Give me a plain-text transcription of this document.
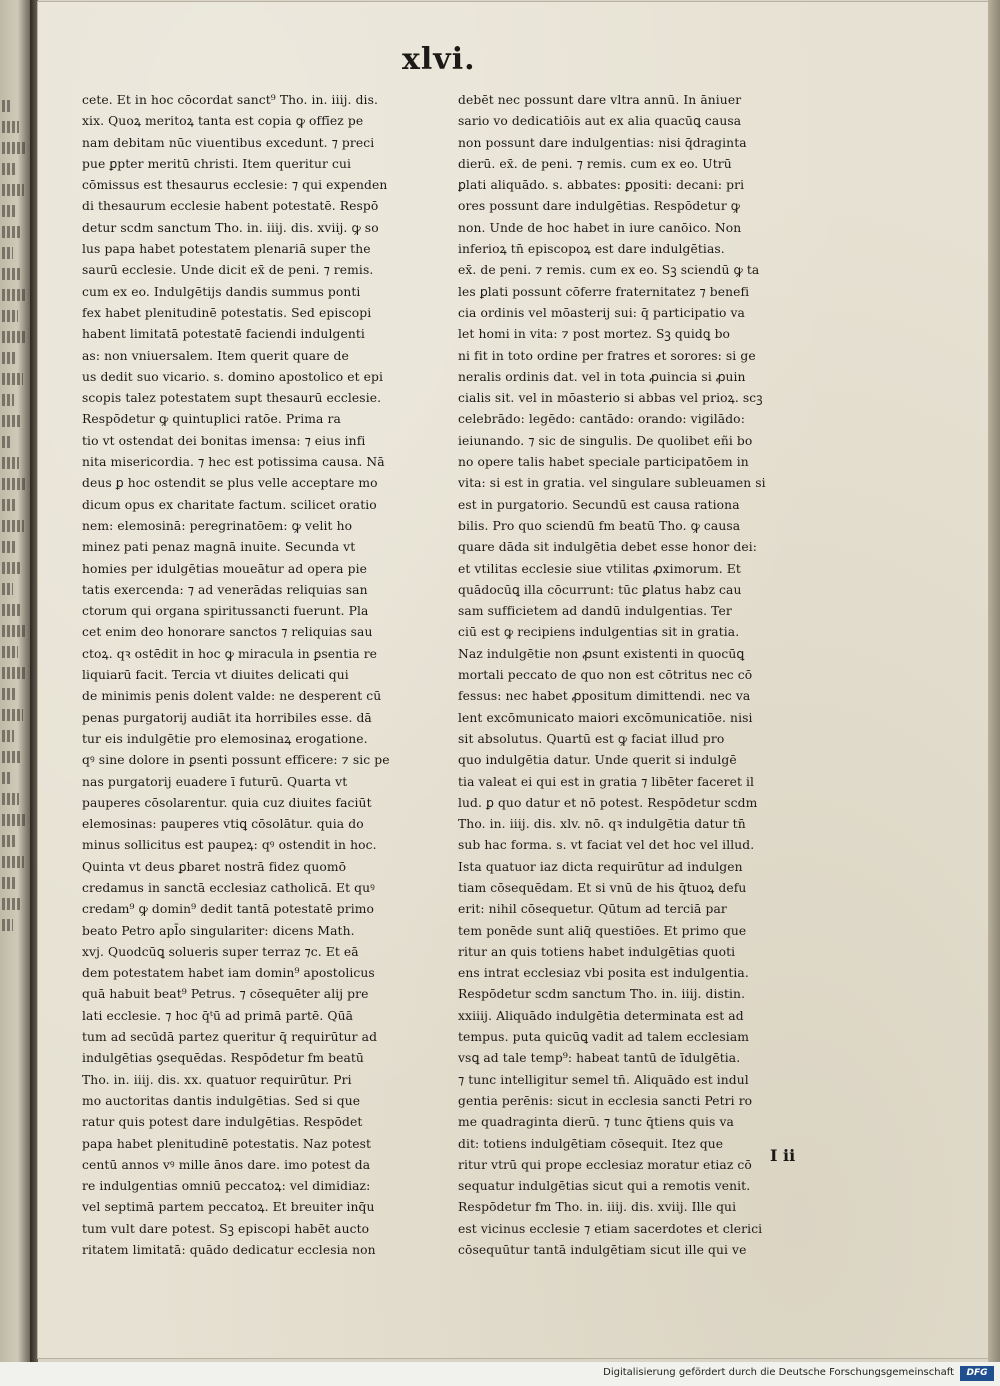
xlvi.
cete. Et in hoc cōcordat sanct⁹ Tho. in. iiij. dis.
xix. Quoꝝ meritoꝝ tanta est copia ꝙ offīez pe
nam debitam nūc viuentibus excedunt. ⁊ preci
pue ꝑpter meritū christi. Item queritur cui
cōmissus est thesaurus ecclesie: ⁊ qui expenden
di thesaurum ecclesie habent potestatē. Respō
detur scdm sanctum Tho. in. iiij. dis. xviij. ꝙ so
lus papa habet potestatem plenariā super the
saurū ecclesie. Unde dicit ex̄ de peni. ⁊ remis.
cum ex eo. Indulgētijs dandis summus ponti
fex habet plenitudinē potestatis. Sed episcopi
habent limitatā potestatē faciendi indulgenti
as: non vniuersalem. Item querit quare de
us dedit suo vicario. s. domino apostolico et epi
scopis talez potestatem supt thesaurū ecclesie.
Respōdetur ꝙ quintuplici ratōe. Prima ra
tio vt ostendat dei bonitas imensa: ⁊ eius infi
nita misericordia. ⁊ hec est potissima causa. Nā
deus ꝑ hoc ostendit se plus velle acceptare mo
dicum opus ex charitate factum. scilicet oratio
nem: elemosinā: peregrinatōem: ꝙ velit ho
minez pati penaz magnā inuite. Secunda vt
homies per idulgētias moueātur ad opera pie
tatis exercenda: ⁊ ad venerādas reliquias san
ctorum qui organa spiritussancti fuerunt. Pla
cet enim deo honorare sanctos ⁊ reliquias sau
ctoꝝ. qꝛ ostēdit in hoc ꝙ miracula in ꝑsentia re
liquiarū facit. Tercia vt diuites delicati qui
de minimis penis dolent valde: ne desperent cū
penas purgatorij audiāt ita horribiles esse. dā
tur eis indulgētie pro elemosinaꝝ erogatione.
qꝰ sine dolore in ꝑsenti possunt efficere: ⁊ sic pe
nas purgatorij euadere ī futurū. Quarta vt
pauperes cōsolarentur. quia cuz diuites faciūt
elemosinas: pauperes vtiꝗ cōsolātur. quia do
minus sollicitus est paupeꝝ: qꝰ ostendit in hoc.
Quinta vt deus ꝑbaret nostrā fidez quomō
credamus in sanctā ecclesiaz catholicā. Et quꝰ
credam⁹ ꝙ domin⁹ dedit tantā potestatē primo
beato Petro apl̄o singulariter: dicens Math.
xvj. Quodcūꝗ solueris super terraz ⁊c. Et eā
dem potestatem habet iam domin⁹ apostolicus
quā habuit beat⁹ Petrus. ⁊ cōsequēter alij pre
lati ecclesie. ⁊ hoc q̄ᵗū ad primā partē. Qūā
tum ad secūdā partez queritur q̄ requirūtur ad
indulgētias ꝯsequēdas. Respōdetur fm beatū
Tho. in. iiij. dis. xx. quatuor requirūtur. Pri
mo auctoritas dantis indulgētias. Sed si que
ratur quis potest dare indulgētias. Respōdet
papa habet plenitudinē potestatis. Naz potest
centū annos vꝰ mille ānos dare. imo potest da
re indulgentias omniū peccatoꝝ: vel dimidiaz:
vel septimā partem peccatoꝝ. Et breuiter inq̄u
tum vult dare potest. Sꝫ episcopi habēt aucto
ritatem limitatā: quādo dedicatur ecclesia non
debēt nec possunt dare vltra annū. In āniuer
sario vo dedicatiōis aut ex alia quacūꝗ causa
non possunt dare indulgentias: nisi q̄draginta
dierū. ex̄. de peni. ⁊ remis. cum ex eo. Utrū
ꝑlati aliquādo. s. abbates: ꝑpositi: decani: pri
ores possunt dare indulgētias. Respōdetur ꝙ
non. Unde de hoc habet in iure canōico. Non
inferioꝝ tn̄ episcopoꝝ est dare indulgētias.
ex̄. de peni. ⁊ remis. cum ex eo. Sꝫ sciendū ꝙ ta
les ꝑlati possunt cōferre fraternitatez ⁊ benefi
cia ordinis vel mōasterij sui: q̄ participatio va
let homi in vita: ⁊ post mortez. Sꝫ quidꝗ bo
ni fit in toto ordine per fratres et sorores: si ge
neralis ordinis dat. vel in tota ꝓuincia si ꝓuin
cialis sit. vel in mōasterio si abbas vel prioꝝ. scꝫ
celebrādo: legēdo: cantādo: orando: vigilādo:
ieiunando. ⁊ sic de singulis. De quolibet eñi bo
no opere talis habet speciale participatōem in
vita: si est in gratia. vel singulare subleuamen si
est in purgatorio. Secundū est causa rationa
bilis. Pro quo sciendū fm beatū Tho. ꝙ causa
quare dāda sit indulgētia debet esse honor dei:
et vtilitas ecclesie siue vtilitas ꝓximorum. Et
quādocūꝗ illa cōcurrunt: tūc ꝑlatus habz cau
sam sufficietem ad dandū indulgentias. Ter
ciū est ꝙ recipiens indulgentias sit in gratia.
Naz indulgētie non ꝓsunt existenti in quocūꝗ
mortali peccato de quo non est cōtritus nec cō
fessus: nec habet ꝓpositum dimittendi. nec va
lent excōmunicato maiori excōmunicatiōe. nisi
sit absolutus. Quartū est ꝙ faciat illud pro
quo indulgētia datur. Unde querit si indulgē
tia valeat ei qui est in gratia ⁊ libēter faceret il
lud. ꝑ quo datur et nō potest. Respōdetur scdm
Tho. in. iiij. dis. xlv. nō. qꝛ indulgētia datur tn̄
sub hac forma. s. vt faciat vel det hoc vel illud.
Ista quatuor iaz dicta requirūtur ad indulgen
tiam cōsequēdam. Et si vnū de his q̄tuoꝝ defu
erit: nihil cōsequetur. Qūtum ad terciā par
tem ponēde sunt aliq̄ questiōes. Et primo que
ritur an quis totiens habet indulgētias quoti
ens intrat ecclesiaz vbi posita est indulgentia.
Respōdetur scdm sanctum Tho. in. iiij. distin.
xxiiij. Aliquādo indulgētia determinata est ad
tempus. puta quicūꝗ vadit ad talem ecclesiam
vsꝗ ad tale temp⁹: habeat tantū de īdulgētia.
⁊ tunc intelligitur semel tn̄. Aliquādo est indul
gentia perēnis: sicut in ecclesia sancti Petri ro
me quadraginta dierū. ⁊ tunc q̄tiens quis va
dit: totiens indulgētiam cōsequit. Itez que
ritur vtrū qui prope ecclesiaz moratur etiaz cō
sequatur indulgētias sicut qui a remotis venit.
Respōdetur fm Tho. in. iiij. dis. xviij. Ille qui
est vicinus ecclesie ⁊ etiam sacerdotes et clerici
cōsequūtur tantā indulgētiam sicut ille qui ve
I ii
Digitalisierung gefördert durch die Deutsche Forschungsgemeinschaft	DFG
